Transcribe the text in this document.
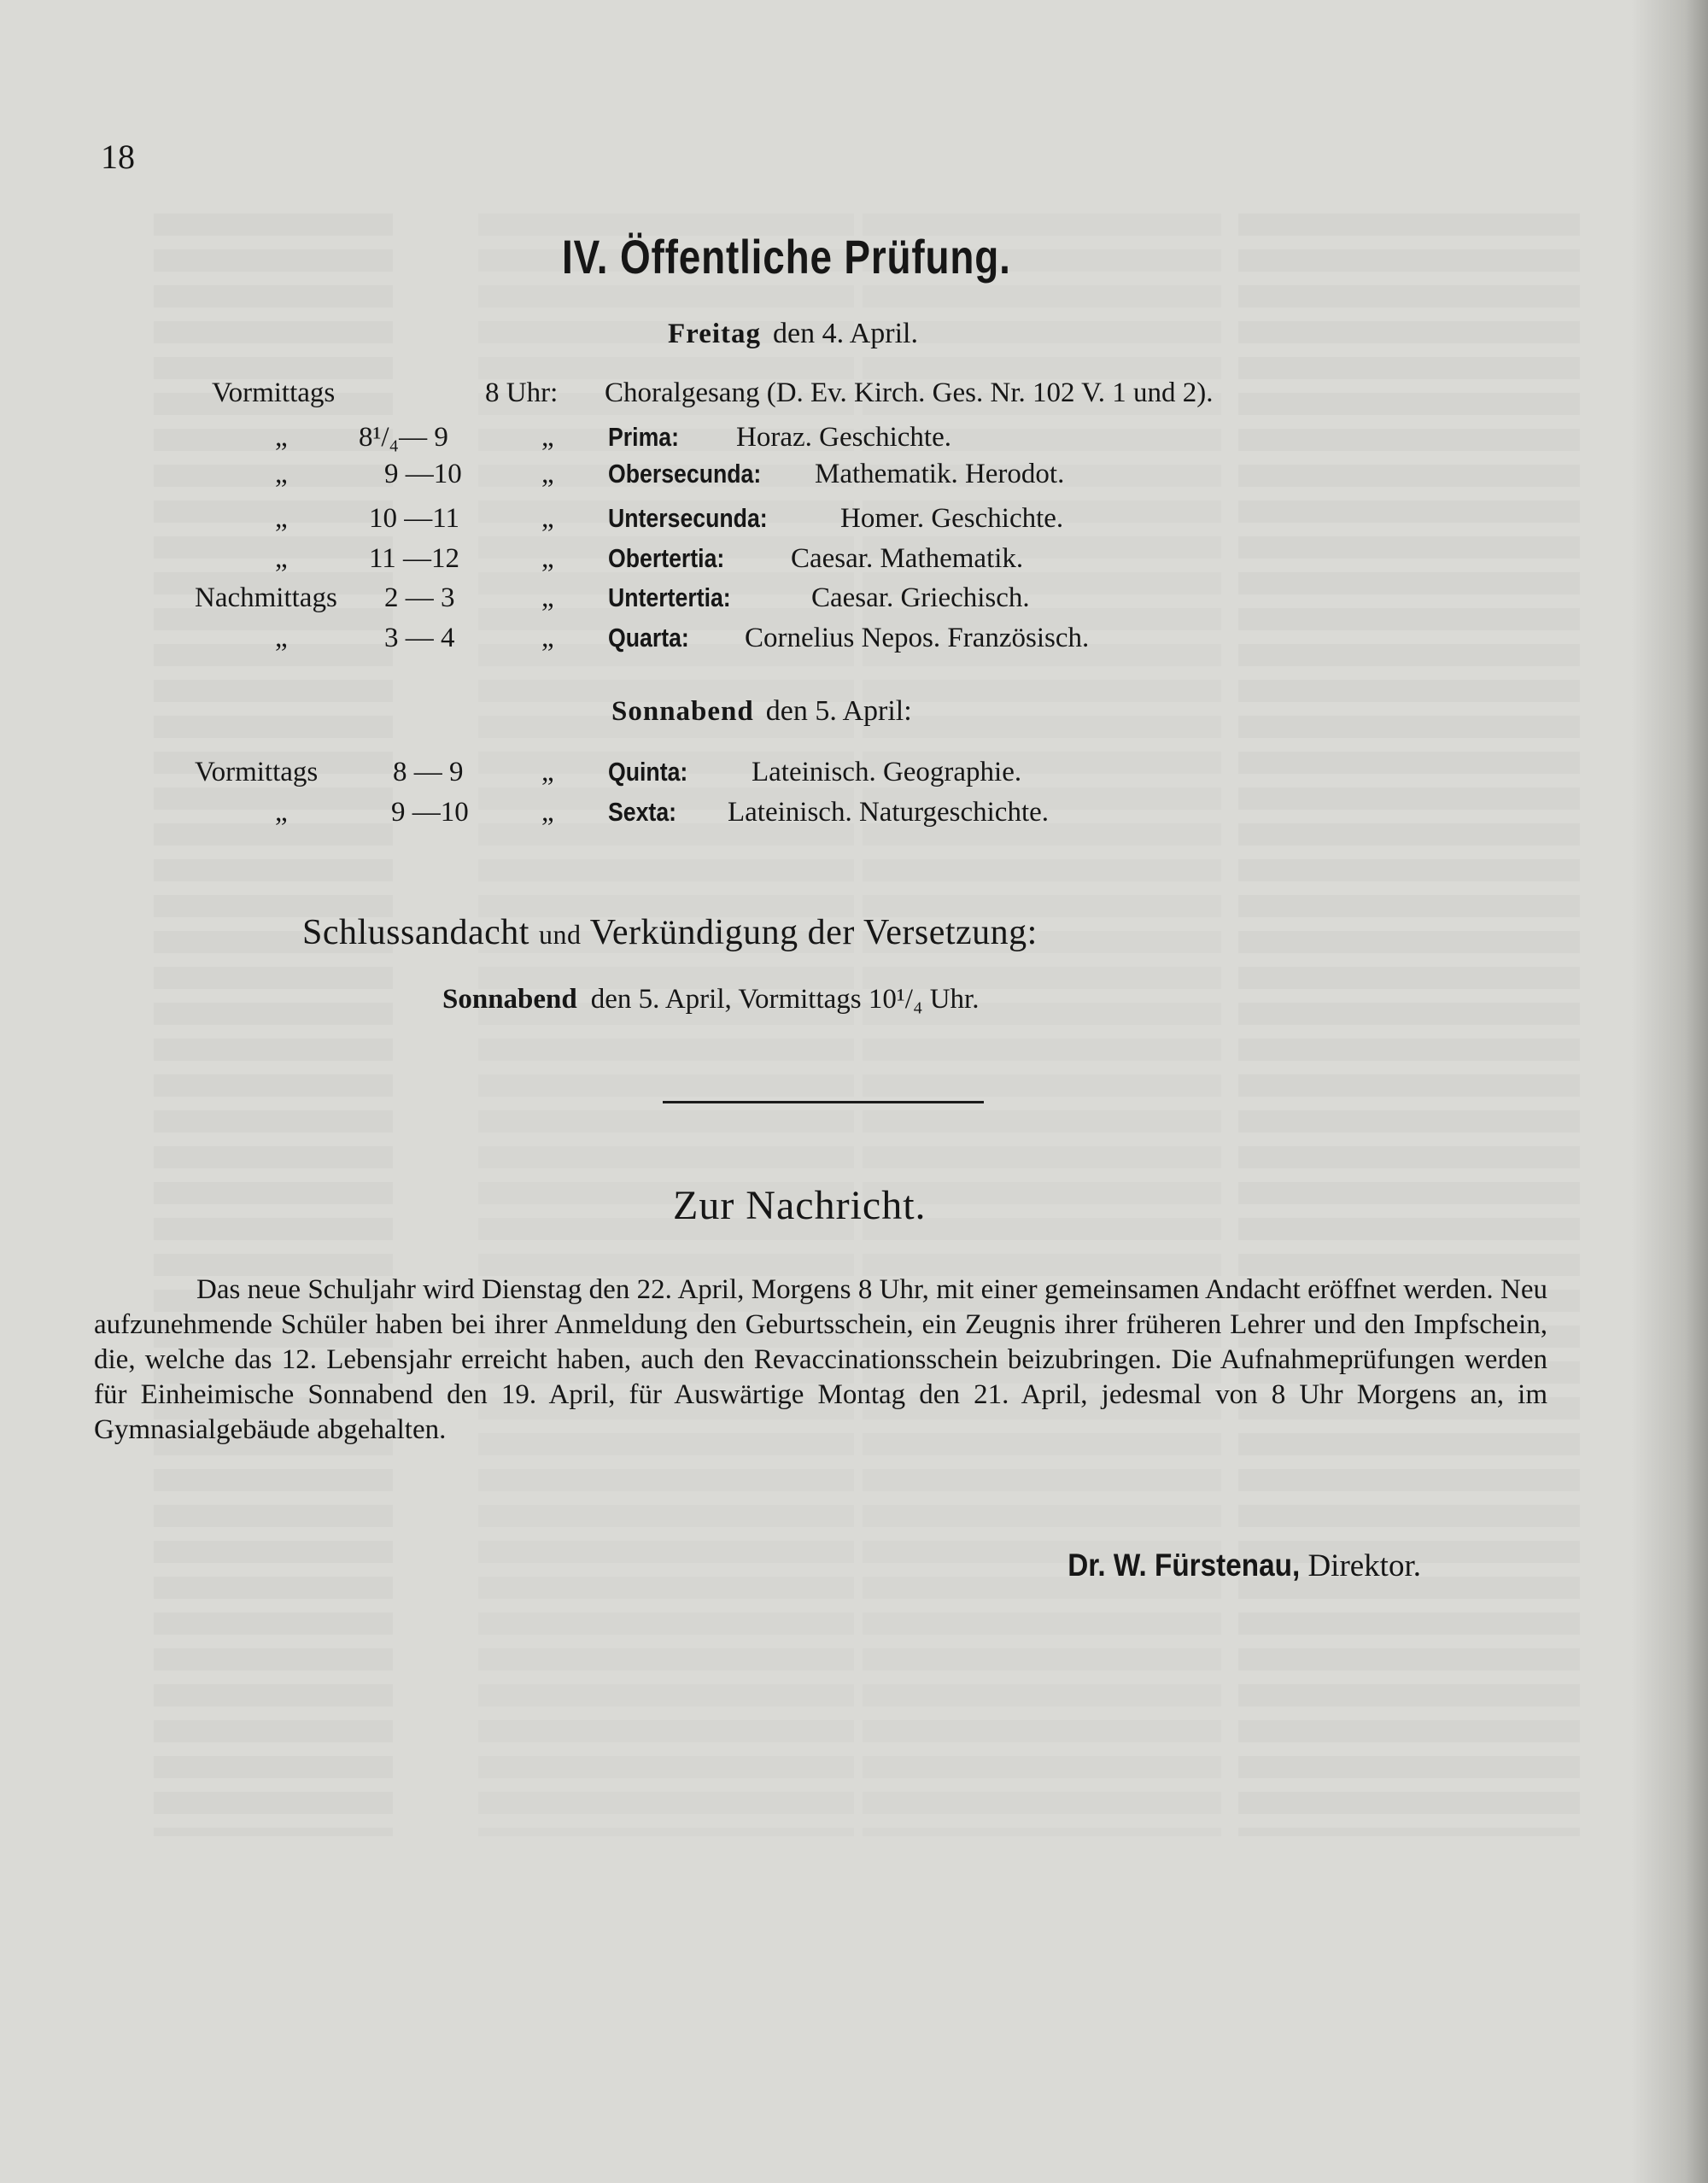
18
IV. Öffentliche Prüfung.
Freitag den 4. April.
Vormittags	8 Uhr: Choralgesang (D. Ev. Kirch. Ges. Nr. 102 V. 1 und 2).
„	8¹/₄— 9	„ Prima: Horaz. Geschichte.
„	9 —10	„ Obersecunda: Mathematik. Herodot.
„	10 —11	„ Untersecunda:	Homer. Geschichte.
„	11 —12	„ Obertertia: Caesar. Mathematik.
Nachmittags 2 — 3	„ Untertertia:	Caesar. Griechisch.
„	3 — 4	„ Quarta: Cornelius Nepos. Französisch.
Sonnabend den 5. April:
Vormittags	8 — 9	„ Quinta: Lateinisch. Geographie.
„	9 —10	„ Sexta: Lateinisch. Naturgeschichte.
Schlussandacht und Verkündigung der Versetzung:
Sonnabend den 5. April, Vormittags 10¹/₄ Uhr.
Zur Nachricht.
Das neue Schuljahr wird Dienstag den 22. April, Morgens 8 Uhr, mit einer gemeinsamen Andacht eröffnet werden. Neu aufzunehmende Schüler haben bei ihrer Anmeldung den Geburtsschein, ein Zeugnis ihrer früheren Lehrer und den Impfschein, die, welche das 12. Lebensjahr erreicht haben, auch den Revaccinationsschein beizubringen. Die Aufnahmeprüfungen werden für Einheimische Sonnabend den 19. April, für Auswärtige Montag den 21. April, jedesmal von 8 Uhr Morgens an, im Gymnasialgebäude abgehalten.
Dr. W. Fürstenau, Direktor.
